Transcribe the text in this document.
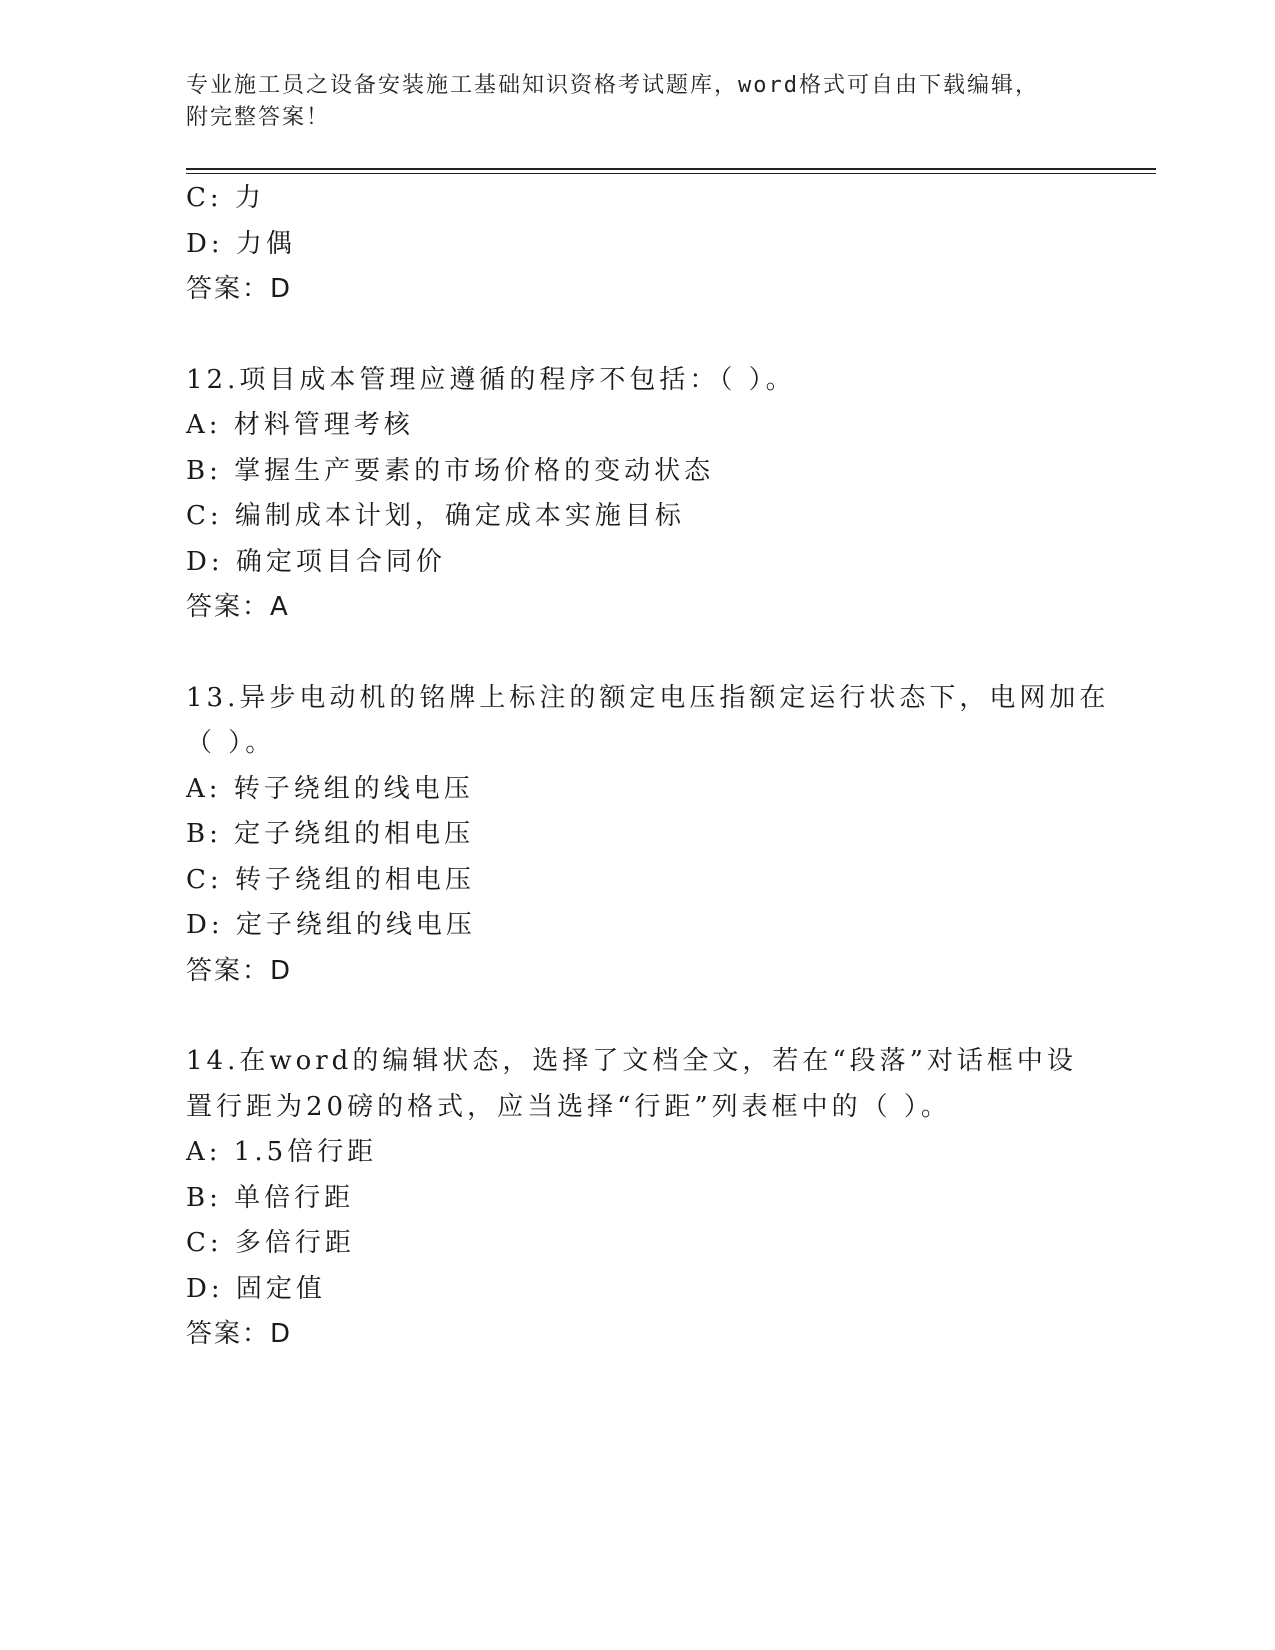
专业施工员之设备安装施工基础知识资格考试题库，word格式可自由下载编辑，
附完整答案！
C: 力
D: 力偶
答案：D
12.项目成本管理应遵循的程序不包括：（ ）。
A: 材料管理考核
B: 掌握生产要素的市场价格的变动状态
C: 编制成本计划，确定成本实施目标
D: 确定项目合同价
答案：A
13.异步电动机的铭牌上标注的额定电压指额定运行状态下，电网加在
（ ）。
A: 转子绕组的线电压
B: 定子绕组的相电压
C: 转子绕组的相电压
D: 定子绕组的线电压
答案：D
14.在word的编辑状态，选择了文档全文，若在“段落”对话框中设
置行距为20磅的格式，应当选择“行距”列表框中的（ ）。
A: 1.5倍行距
B: 单倍行距
C: 多倍行距
D: 固定值
答案：D
